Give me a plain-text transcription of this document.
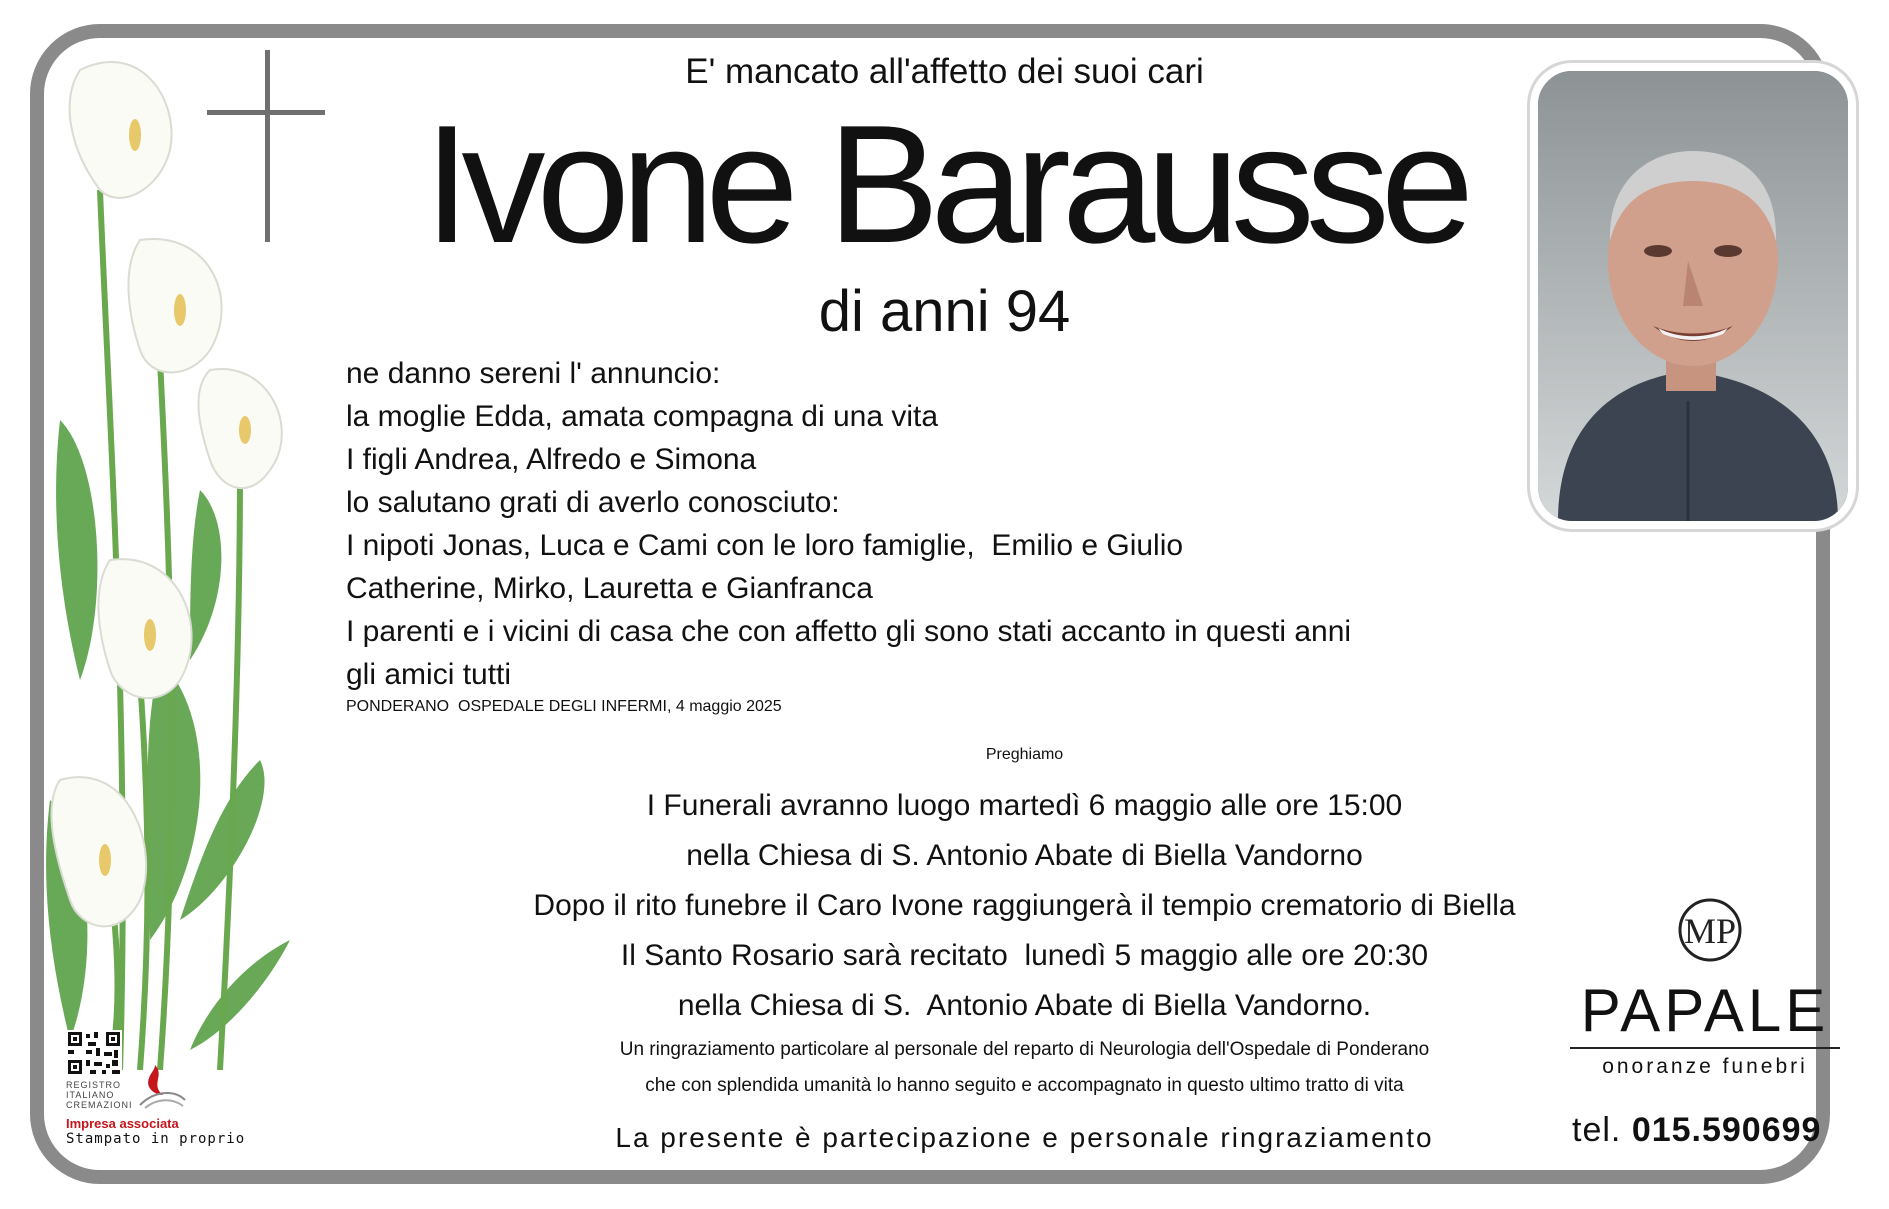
E' mancato all'affetto dei suoi cari
Ivone Barausse
di anni 94
ne danno sereni l' annuncio:
la moglie Edda, amata compagna di una vita
I figli Andrea, Alfredo e Simona
lo salutano grati di averlo conosciuto:
I nipoti Jonas, Luca e Cami con le loro famiglie,  Emilio e Giulio
Catherine, Mirko, Lauretta e Gianfranca
I parenti e i vicini di casa che con affetto gli sono stati accanto in questi anni
gli amici tutti
PONDERANO  OSPEDALE DEGLI INFERMI, 4 maggio 2025
Preghiamo
I Funerali avranno luogo martedì 6 maggio alle ore 15:00
nella Chiesa di S. Antonio Abate di Biella Vandorno
Dopo il rito funebre il Caro Ivone raggiungerà il tempio crematorio di Biella
Il Santo Rosario sarà recitato  lunedì 5 maggio alle ore 20:30
nella Chiesa di S.  Antonio Abate di Biella Vandorno.
Un ringraziamento particolare al personale del reparto di Neurologia dell'Ospedale di Ponderano
che con splendida umanità lo hanno seguito e accompagnato in questo ultimo tratto di vita
La presente è partecipazione e personale ringraziamento
MP
PAPALE
onoranze funebri
tel. 015.590699
REGISTRO
ITALIANO
CREMAZIONI
Impresa associata
Stampato in proprio
